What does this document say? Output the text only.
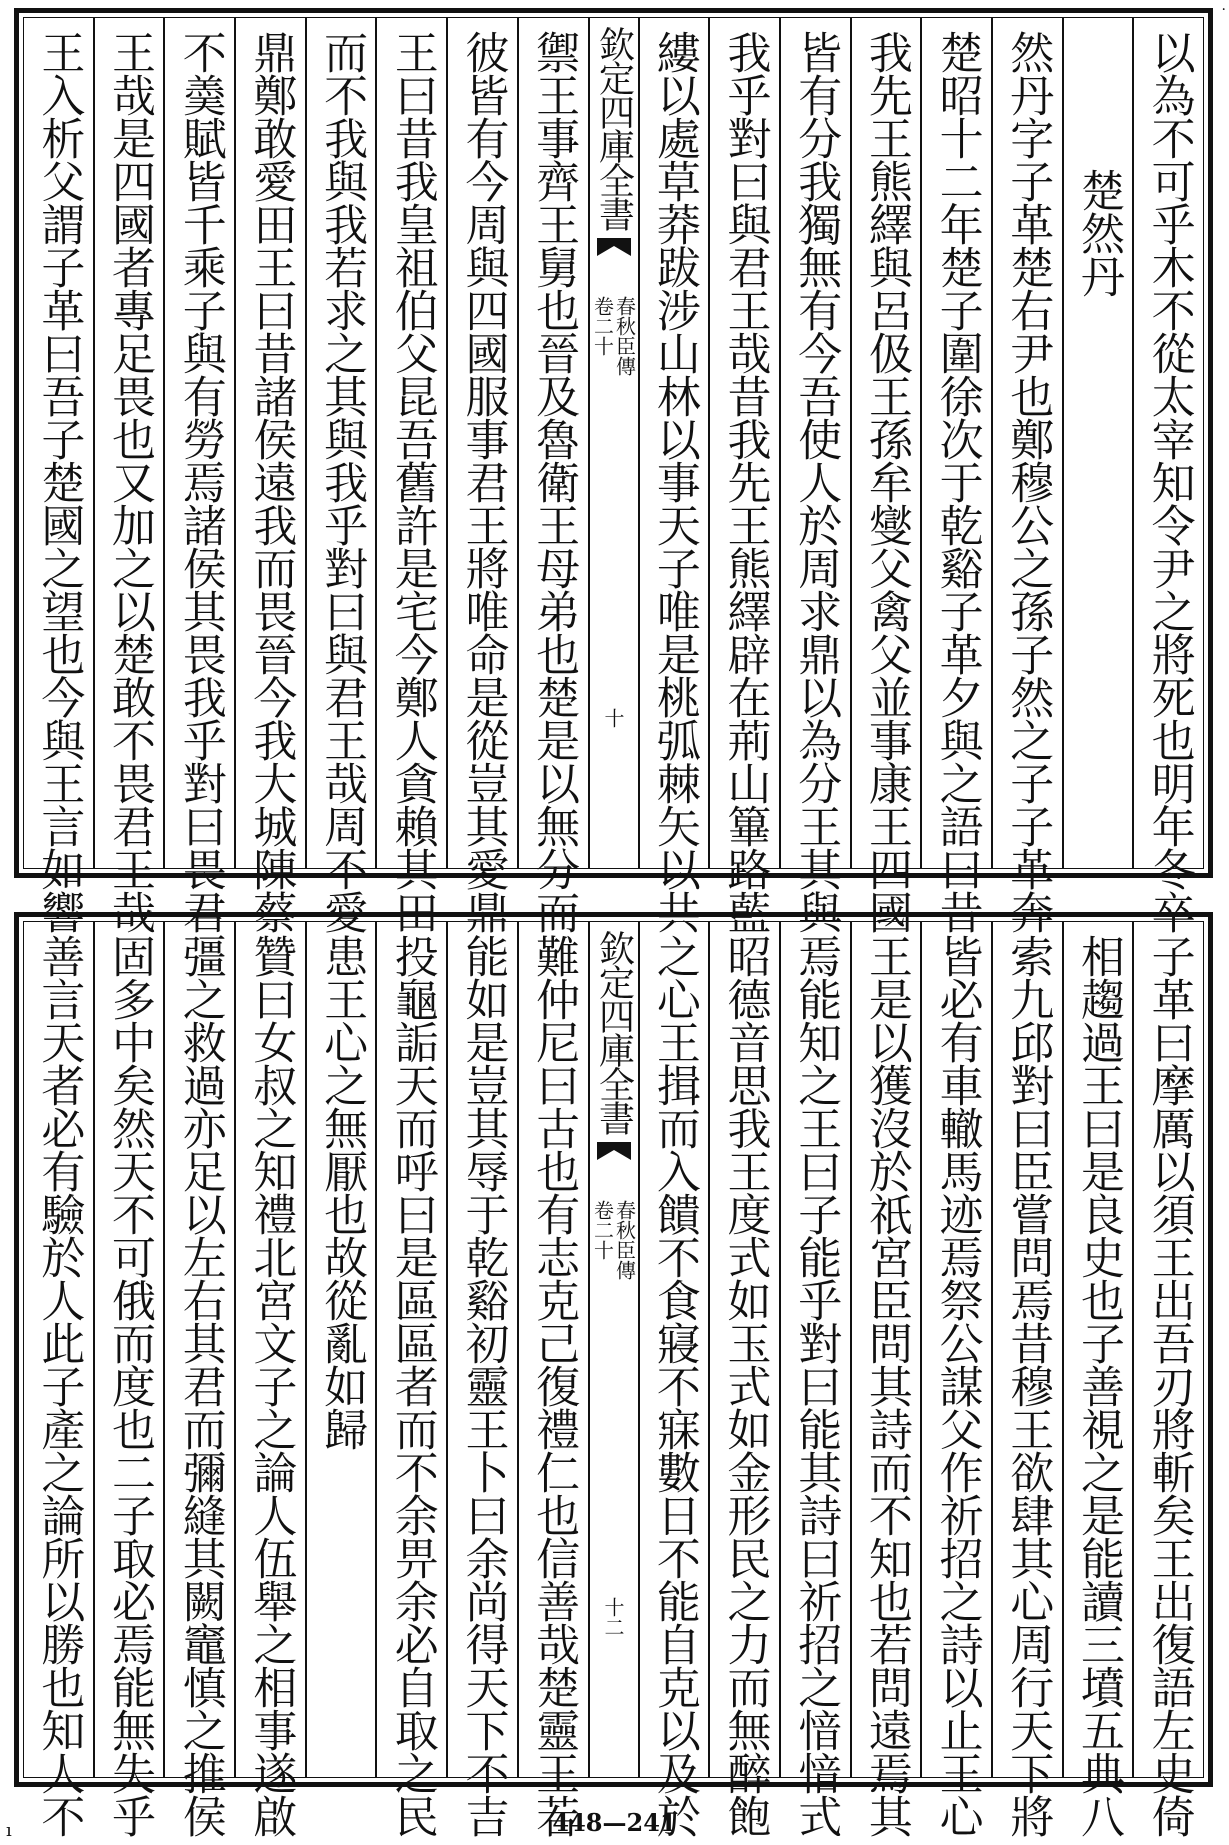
·
以為不可乎木不從太宰知令尹之將死也明年冬卒
楚然丹
然丹字子革楚右尹也鄭穆公之孫子然之子子革奔
楚昭十二年楚子圍徐次于乾谿子革夕與之語曰昔
我先王熊繹與呂伋王孫牟燮父禽父並事康王四國
皆有分我獨無有今吾使人於周求鼎以為分王其與
我乎對曰與君王哉昔我先王熊繹辟在荊山篳路藍
縷以處草莽跋涉山林以事天子唯是桃弧棘矢以共
欽定四庫全書
春秋臣傳
卷二十
十
禦王事齊王舅也晉及魯衛王母弟也楚是以無分而
彼皆有今周與四國服事君王將唯命是從豈其愛鼎
王曰昔我皇祖伯父昆吾舊許是宅今鄭人貪賴其田
而不我與我若求之其與我乎對曰與君王哉周不愛
鼎鄭敢愛田王曰昔諸侯遠我而畏晉今我大城陳蔡
不羮賦皆千乘子與有勞焉諸侯其畏我乎對曰畏君
王哉是四國者專足畏也又加之以楚敢不畏君王哉
王入析父謂子革曰吾子楚國之望也今與王言如響
子革曰摩厲以須王出吾刃將斬矣王出復語左史倚
相趨過王曰是良史也子善視之是能讀三墳五典八
索九邱對曰臣嘗問焉昔穆王欲肆其心周行天下將
皆必有車轍馬迹焉祭公謀父作祈招之詩以止王心
王是以獲沒於祇宮臣問其詩而不知也若問遠焉其
焉能知之王曰子能乎對曰能其詩曰祈招之愔愔式
昭德音思我王度式如玉式如金形民之力而無醉飽
之心王揖而入饋不食寢不寐數日不能自克以及於
欽定四庫全書
春秋臣傳
卷二十
十二
難仲尼曰古也有志克己復禮仁也信善哉楚靈王若
能如是豈其辱于乾谿初靈王卜曰余尚得天下不吉
投龜詬天而呼曰是區區者而不余畀余必自取之民
患王心之無厭也故從亂如歸
贊曰女叔之知禮北宮文子之論人伍舉之相事遂啟
彊之救過亦足以左右其君而彌縫其闕竈慎之推侯
固多中矣然天不可俄而度也二子取必焉能無失乎
善言天者必有驗於人此子產之論所以勝也知人不
ı	448—241
